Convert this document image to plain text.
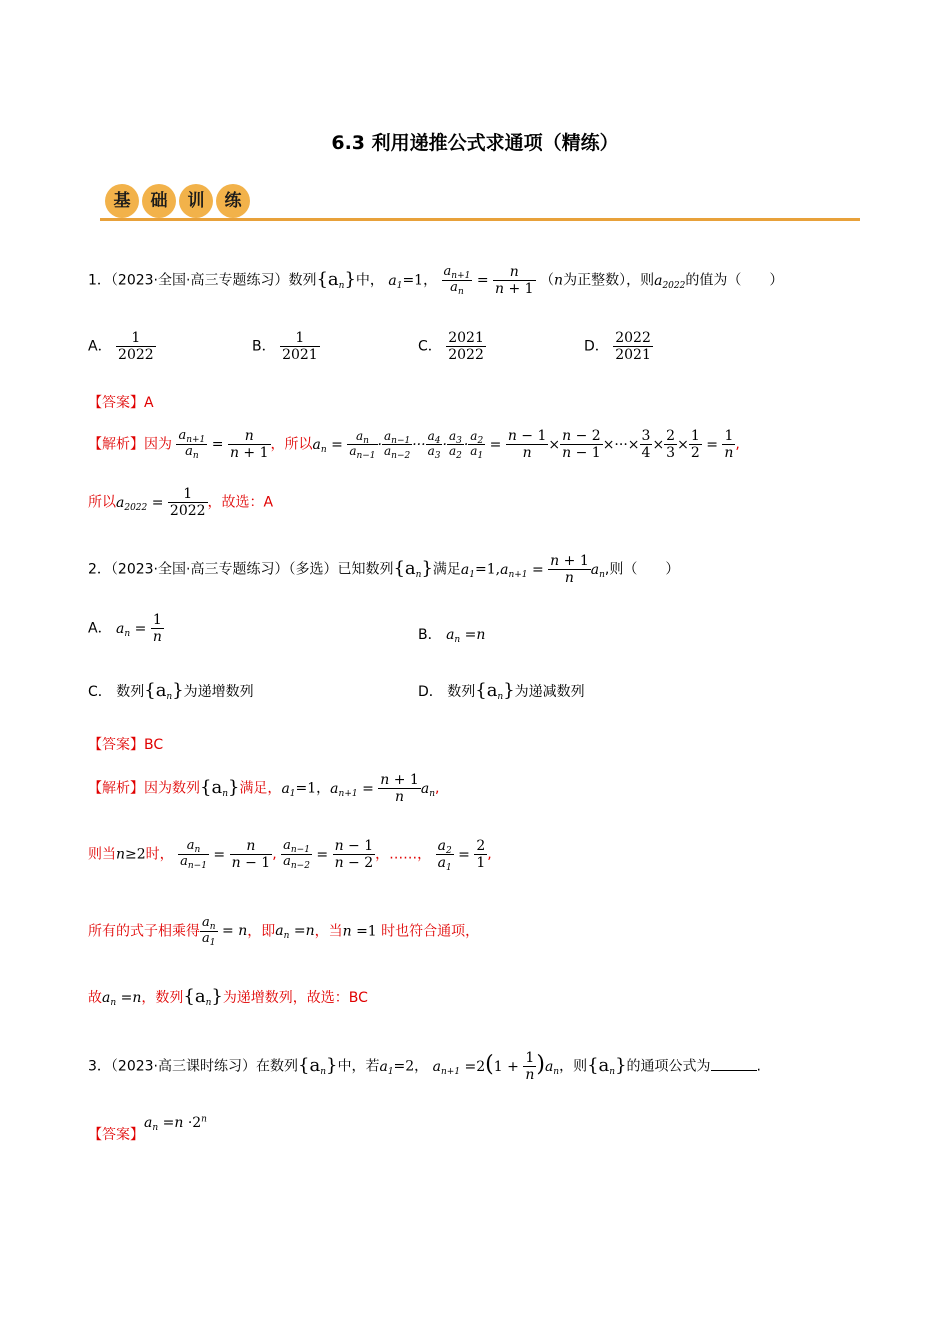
6.3 利用递推公式求通项（精练）
基 础 训 练
1．（2023·全国·高三专题练习）数列{an}中， $a_1=1$， $\frac{a_{n+1}}{a_n} = \frac{n}{n + 1} (n$为正整数），则$a_{2022}$的值为（　　）
A． $\frac{1}{2022}$	B． $\frac{1}{2021}$	C． $\frac{2021}{2022}$	D． $\frac{2022}{2021}$
【答案】A
【解析】因为 $\frac{a_{n+1}}{a_n} = \frac{n}{n + 1}$ ，所以$a_n = \frac{a_n}{a_{n-1}} \cdot \frac{a_{n-1}}{a_{n-2}}$ ··· $\frac{a_4}{a_3} \cdot \frac{a_3}{a_2} \cdot \frac{a_2}{a_1} = \frac{n - 1}{n} \times \frac{n - 2}{n - 1}$ ×···× $\frac{3}{4} \times \frac{2}{3} \times \frac{1}{2} = \frac{1}{n}$ ,
所以$a_{2022} = \frac{1}{2022}$ ，故选：A
2．（2023·全国·高三专题练习）（多选）已知数列{an}满足$a_1=1,a_{n+1} = \frac{n + 1}{n} a_n$,则（　　）
A． $a_n = \frac{1}{n}$	B． $a_n =n$
C． 数列{an}为递增数列	D． 数列{an}为递减数列
【答案】BC
【解析】因为数列{an}满足，$a_1=1$，$a_{n+1} = \frac{n + 1}{n} a_n$,
则当n≥2时， $\frac{a_n}{a_{n-1}} = \frac{n}{n - 1}$ , $\frac{a_{n-1}}{a_{n-2}} = \frac{n - 1}{n - 2}$ ，……， $\frac{a_2}{a_1} = \frac{2}{1}$ ,
所有的式子相乘得 $\frac{a_n}{a_1} = n$，即$a_n =n$，当n =1 时也符合通项，
故$a_n =n$，数列{an}为递增数列，故选：BC
3．（2023·高三课时练习）在数列{an}中，若$a_1=2$， $a_{n+1} =2(1 + \frac{1}{n} )a_n$，则{an}的通项公式为	.
【答案】$a_n =n \cdot 2^n$
